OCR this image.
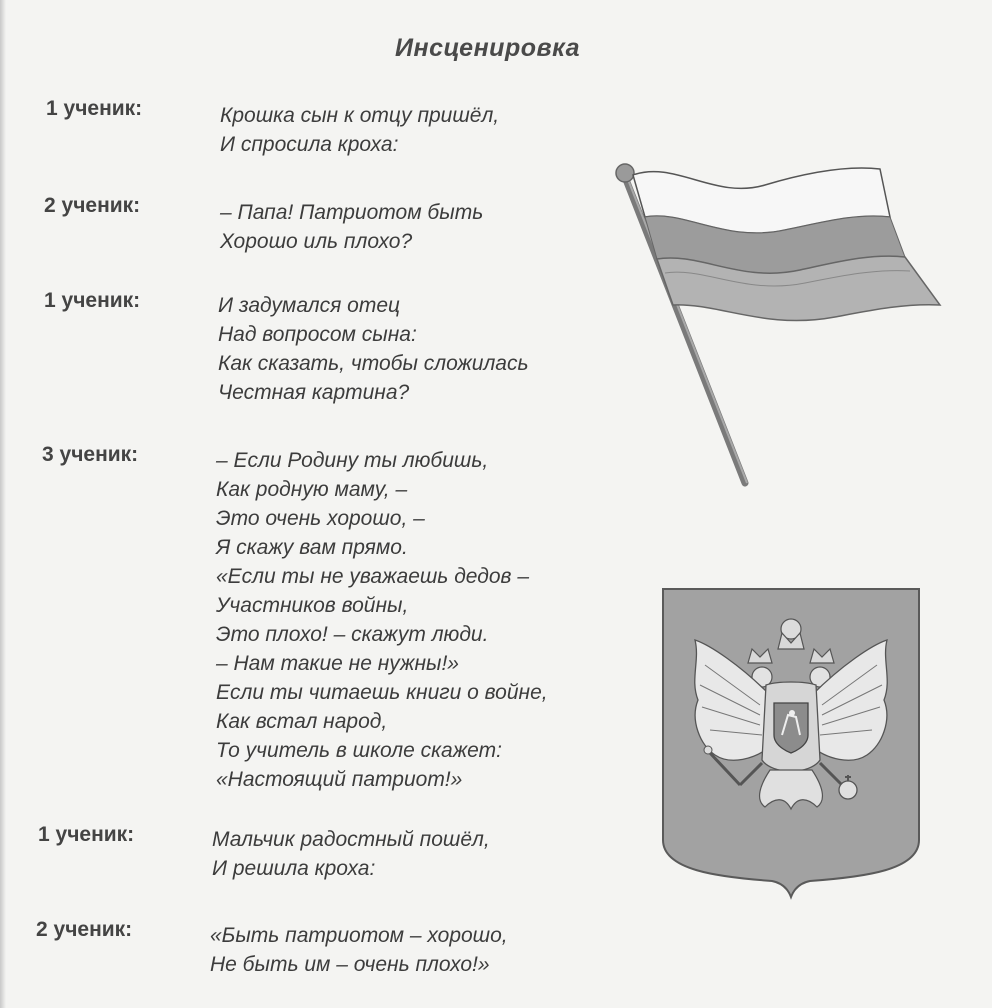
Инсценировка
1 ученик:	Крошка сын к отцу пришёл,
И спросила кроха:
2 ученик:	– Папа! Патриотом быть
Хорошо иль плохо?
1 ученик:	И задумался отец
Над вопросом сына:
Как сказать, чтобы сложилась
Честная картина?
3 ученик:	– Если Родину ты любишь,
Как родную маму, –
Это очень хорошо, –
Я скажу вам прямо.
«Если ты не уважаешь дедов –
Участников войны,
Это плохо! – скажут люди.
– Нам такие не нужны!»
Если ты читаешь книги о войне,
Как встал народ,
То учитель в школе скажет:
«Настоящий патриот!»
1 ученик:	Мальчик радостный пошёл,
И решила кроха:
2 ученик:	«Быть патриотом – хорошо,
Не быть им – очень плохо!»
